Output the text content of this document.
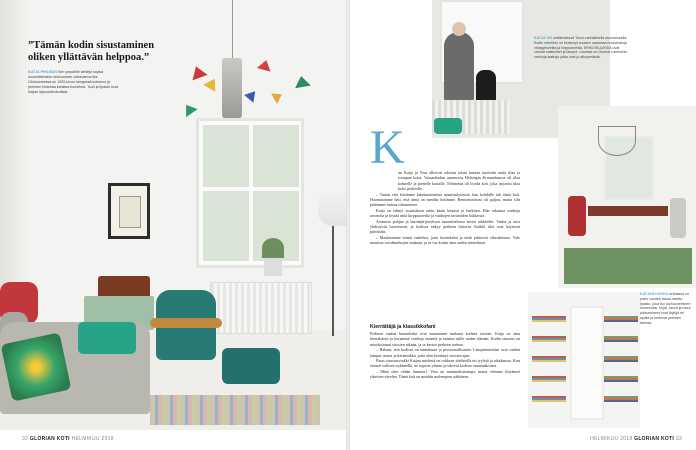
”Tämän kodin sisustaminen oliken yllättävän helppoa.”
KATJA PIHLMAN Sen ympärille kehittyi sopiva suunnitelmaton olohuoneen valosvarma tila. Olohuoneessa on 1920-luvun hengessä kotoinen ja perheen historiaa kantava tunnelma. Tuoli ja lipasto ovat Katjan lapsuudenkodista.
32 GLORIAN KOTI HELMIKUU 2018
KATJA ON nettilehdessä Turun rauhallisella asuinalueella. Kodin interiööri on kerännyt vuosien saatossa huonekaluja vintagetoreilta ja kirpputoreilta. ERIKOISUUKSIA ovat vanhat valaisimet ja lamput. Uunissa on Gunnar Lambertin vanhoja laattoja jotka ovat jo alkuperäisiä.
KATJAN KAKKU Artelassa on parin vuoden takaa ostettu lipasto, joka tuo olohuoneeseen tunnelmaa. Kirjat, taulut ja muut pikkuesineet ovat löytöjä eri ajoilta ja kertovat perheen tarinaa.
K

un Katja ja Vesa alkoivat odottaa toista lastaan tarvittiin uutta tilaa ja isompaa kotia. Vaasankadun asunnossa Helsingin Kruunuhaassa oli tilaa kolmelle ja pienelle koiralle. Tehtävänä oli löytää koti, joka tarjoaisi tilaa koko perheelle.

– Tuntui että kävimme lukemattomissa asuntonäytöissä, kun kohdalle tuli tämä koti. Huomasimme heti, että tämä on meidän kotimme. Remontoitavaa oli paljon, mutta silti päätimme tarttua tilaisuuteen.

Katja on tehnyt sisustuksen omin käsin hitaasti ja harkiten. Hän rakastaa vanhoja tavaroita ja löytää niitä kirpputoreilta ja vanhojen tavaroiden liikkeistä.

Asunnon pohjan ja huonejärjestyksen suunnittelussa auttoi arkkitehti. Vanha ja uusi yhdistyvät luontevasti, ja kodissa näkyy perheen historia. Kaikki tilat ovat käytössä päivittäin.

– Maalasimme seinät vaaleiksi, jotta huonekalut ja taide pääsevät oikeuksiinsa. Valo muuttuu vuodenaikojen mukaan, ja se tuo kotiin aina uuden tunnelman.

Kierrättäjä ja klassikkofani

Perheen vanhat huonekalut ovat muuttaneet mukana kodista toiseen. Katja on aina kierrättänyt ja korjannut vanhoja esineitä ja antanut niille uuden elämän. Kodin sisustus on muodostunut vuosien aikana, ja se kertoo perheen tarinaa.

– Haluan, että kodissa on tunnelmaa ja persoonallisuutta. Lempiesineitäni ovat vanhat lamput, matot ja keramiikka, joita olen kerännyt vuosien ajan.

Paras sisustusvinkki Katjan mielestä on rohkeus yhdistellä eri tyylejä ja aikakausia. Kun esineet valitsee sydämellä, ne sopivat yhteen ja tekevät kodista omannäköisen.

– Minä olen vähän hamsteri. Vesa on minimalistisempi, mutta olemme löytäneet yhteisen sävelen. Tämä koti on meidän molempien näköinen.

HELMIKUU 2018 GLORIAN KOTI 33
